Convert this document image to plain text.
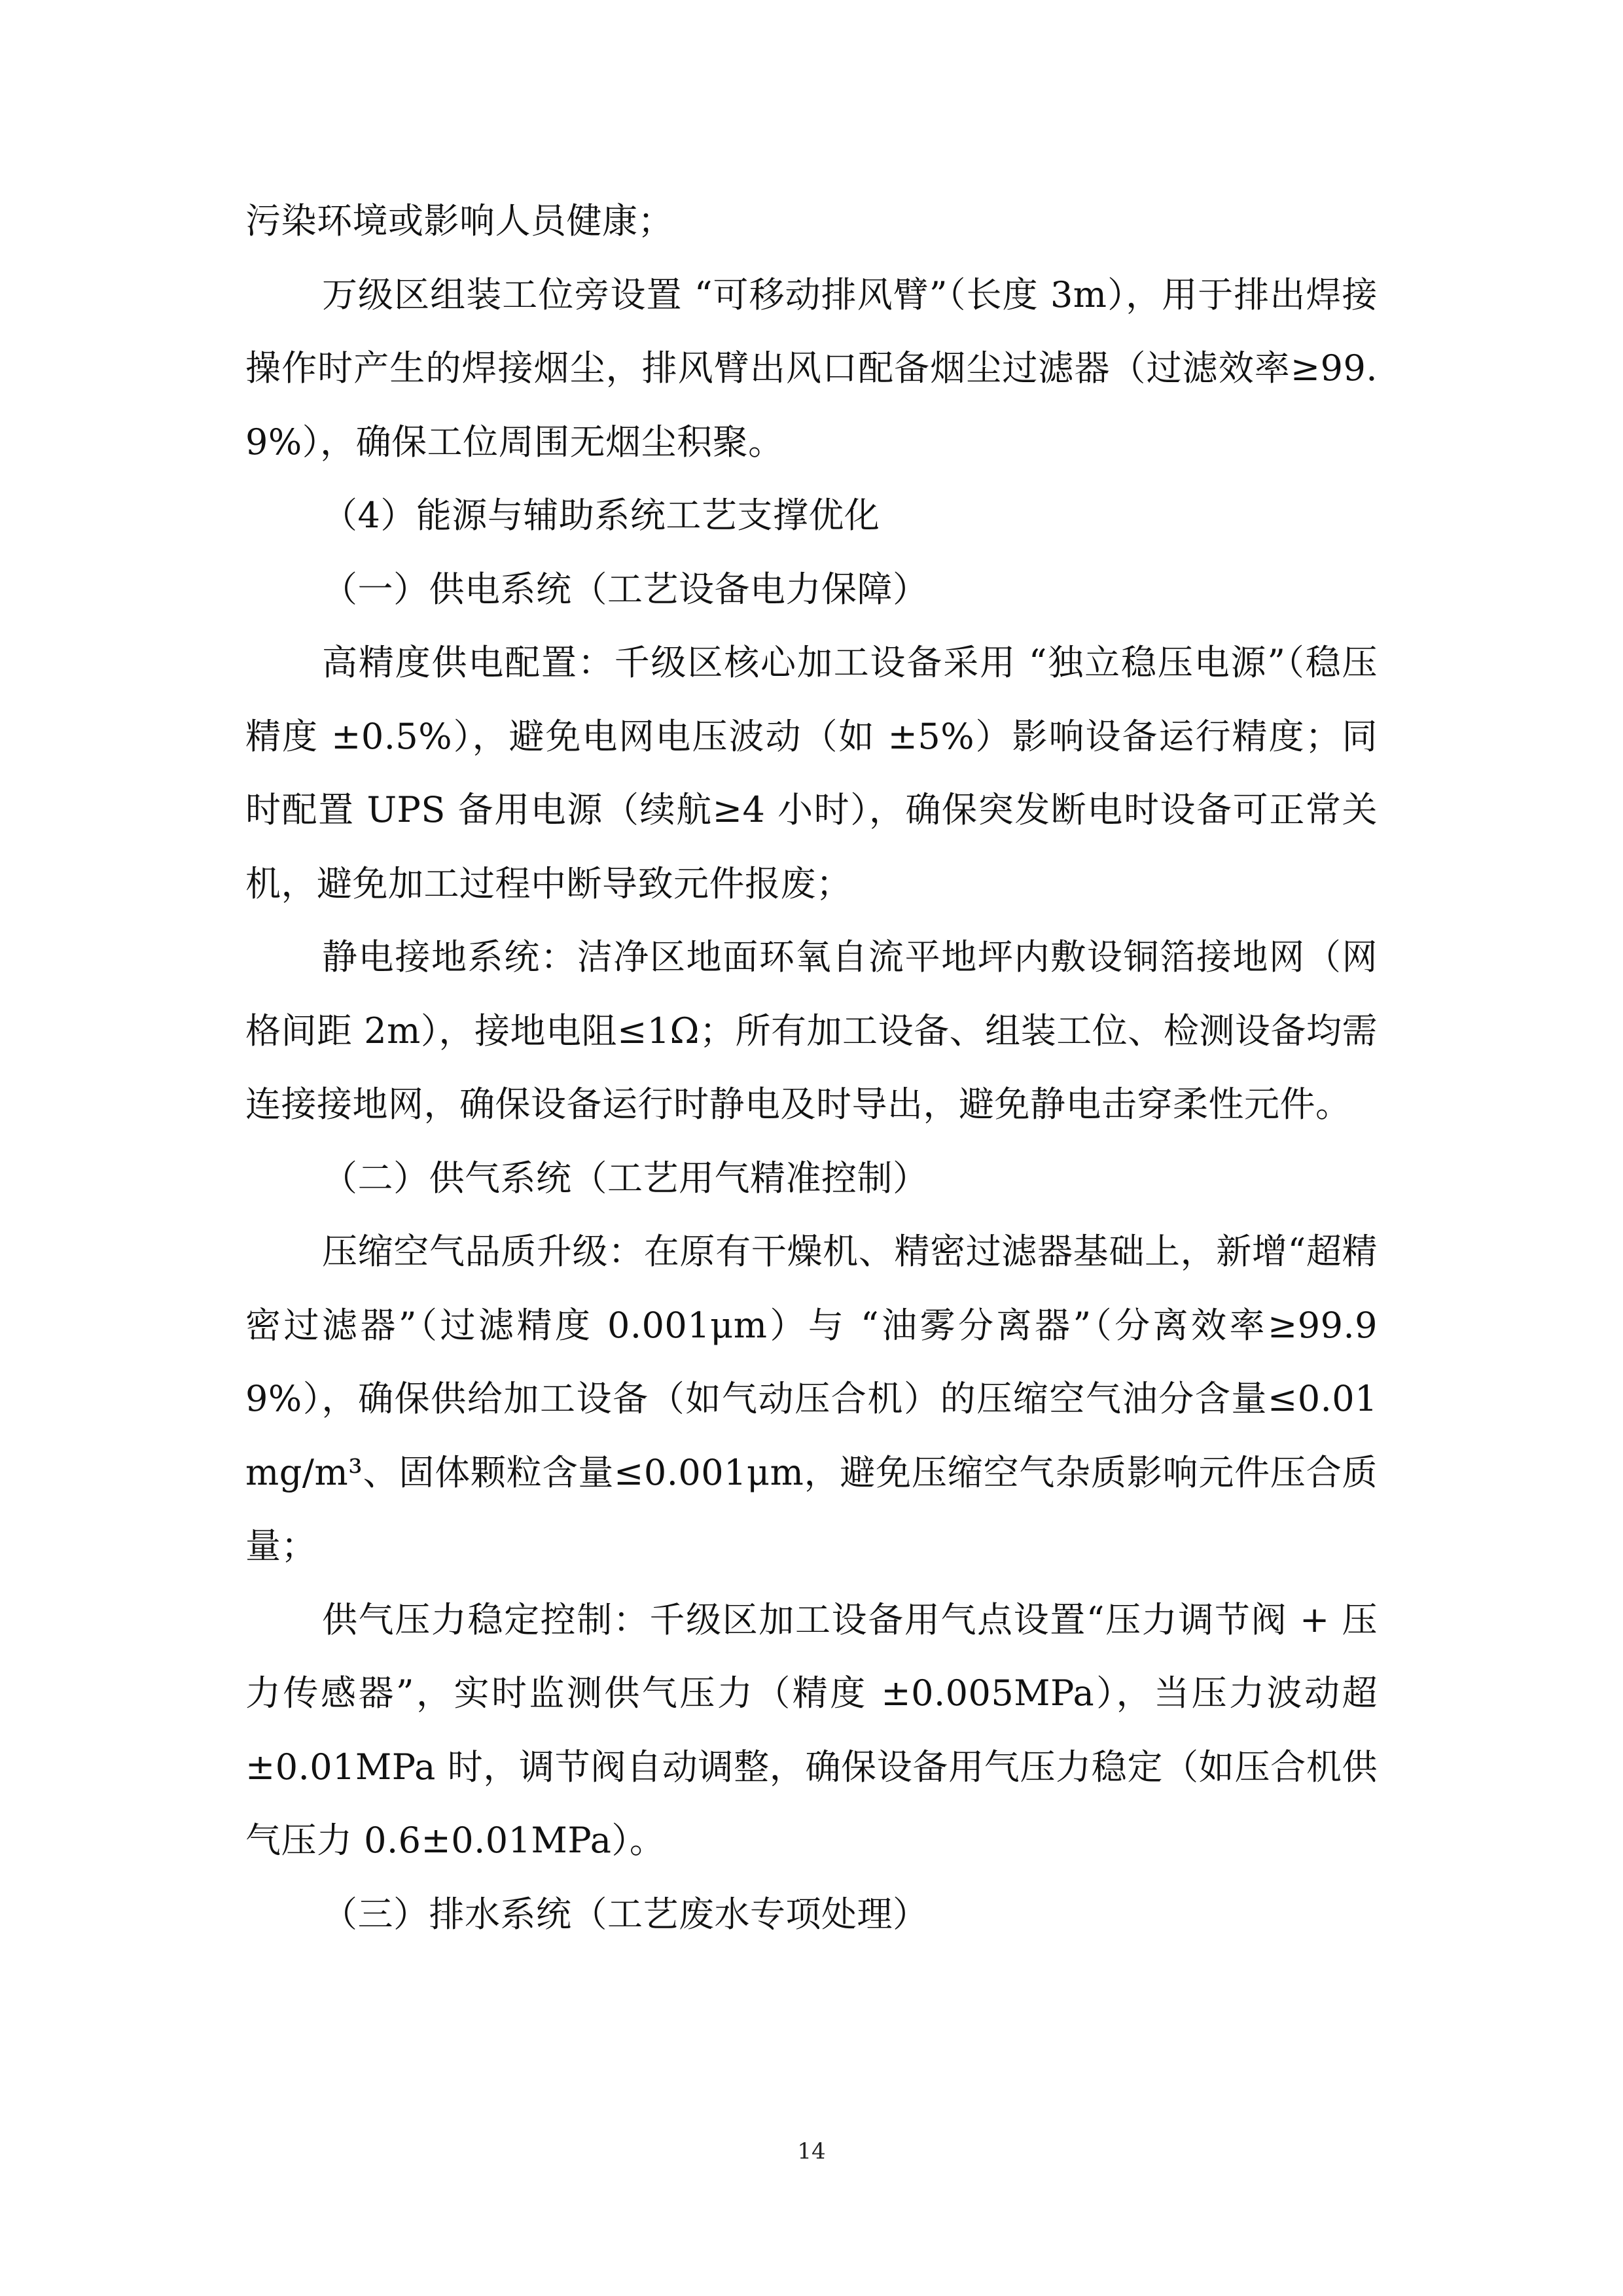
污染环境或影响人员健康；

万级区组装工位旁设置 “可移动排风臂”（长度 3m），用于排出焊接操作时产生的焊接烟尘，排风臂出风口配备烟尘过滤器（过滤效率≥99.9%），确保工位周围无烟尘积聚。

（4）能源与辅助系统工艺支撑优化

（一）供电系统（工艺设备电力保障）

高精度供电配置：千级区核心加工设备采用 “独立稳压电源”（稳压精度 ±0.5%），避免电网电压波动（如 ±5%）影响设备运行精度；同时配置 UPS 备用电源（续航≥4 小时），确保突发断电时设备可正常关机，避免加工过程中断导致元件报废；

静电接地系统：洁净区地面环氧自流平地坪内敷设铜箔接地网（网格间距 2m），接地电阻≤1Ω；所有加工设备、组装工位、检测设备均需连接接地网，确保设备运行时静电及时导出，避免静电击穿柔性元件。

（二）供气系统（工艺用气精准控制）

压缩空气品质升级：在原有干燥机、精密过滤器基础上，新增“超精密过滤器”（过滤精度 0.001μm）与 “油雾分离器”（分离效率≥99.99%），确保供给加工设备（如气动压合机）的压缩空气油分含量≤0.01mg/m³、固体颗粒含量≤0.001μm，避免压缩空气杂质影响元件压合质量；

供气压力稳定控制：千级区加工设备用气点设置“压力调节阀 + 压力传感器”，实时监测供气压力（精度 ±0.005MPa），当压力波动超 ±0.01MPa 时，调节阀自动调整，确保设备用气压力稳定（如压合机供气压力 0.6±0.01MPa）。

（三）排水系统（工艺废水专项处理）

14
